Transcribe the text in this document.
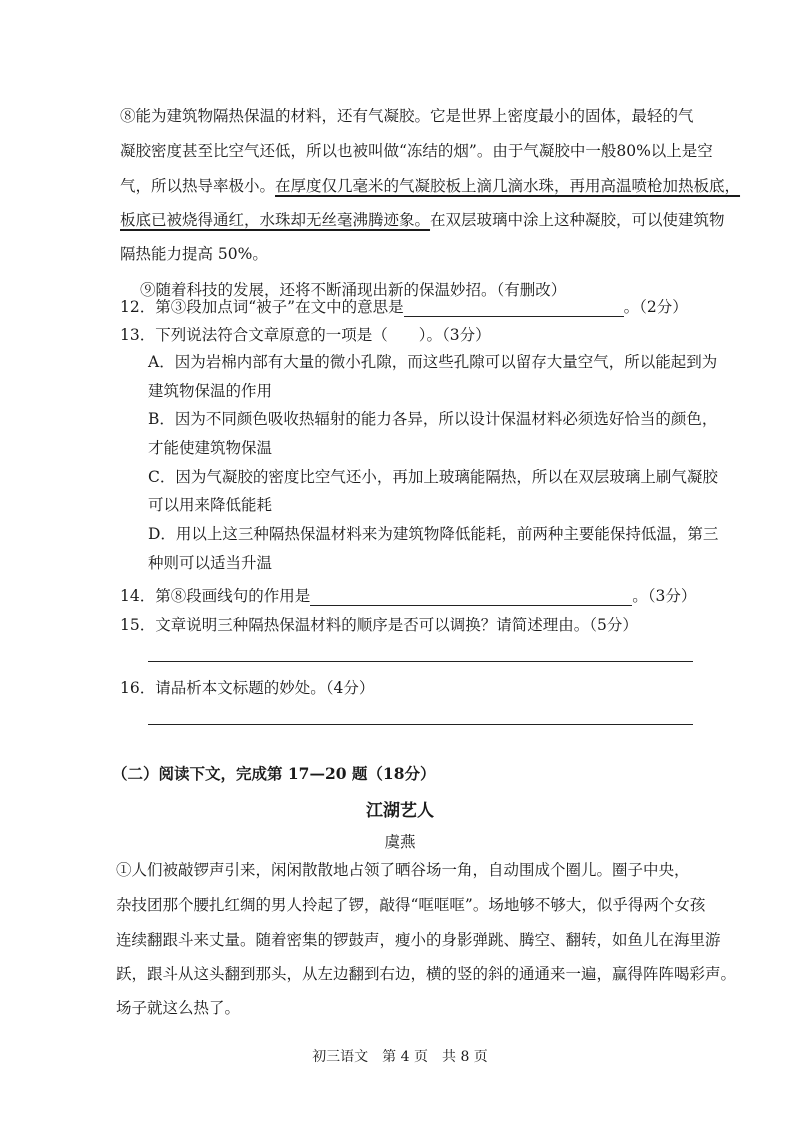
⑧能为建筑物隔热保温的材料，还有气凝胶。它是世界上密度最小的固体，最轻的气
凝胶密度甚至比空气还低，所以也被叫做“冻结的烟”。由于气凝胶中一般80%以上是空
气，所以热导率极小。在厚度仅几毫米的气凝胶板上滴几滴水珠，再用高温喷枪加热板底，
板底已被烧得通红，水珠却无丝毫沸腾迹象。在双层玻璃中涂上这种凝胶，可以使建筑物
隔热能力提高 50%。
⑨随着科技的发展，还将不断涌现出新的保温妙招。（有删改）
12．第③段加点词“被子”在文中的意思是	。（2分）
13．下列说法符合文章原意的一项是（　　）。（3分）
A．因为岩棉内部有大量的微小孔隙，而这些孔隙可以留存大量空气，所以能起到为
建筑物保温的作用
B．因为不同颜色吸收热辐射的能力各异，所以设计保温材料必须选好恰当的颜色，
才能使建筑物保温
C．因为气凝胶的密度比空气还小，再加上玻璃能隔热，所以在双层玻璃上刷气凝胶
可以用来降低能耗
D．用以上这三种隔热保温材料来为建筑物降低能耗，前两种主要能保持低温，第三
种则可以适当升温
14．第⑧段画线句的作用是	。（3分）
15．文章说明三种隔热保温材料的顺序是否可以调换？请简述理由。（5分）
16．请品析本文标题的妙处。（4分）
（二）阅读下文，完成第 17—20 题（18分）
江湖艺人
虞燕
①人们被敲锣声引来，闲闲散散地占领了晒谷场一角，自动围成个圈儿。圈子中央，
杂技团那个腰扎红绸的男人拎起了锣，敲得“哐哐哐”。场地够不够大，似乎得两个女孩
连续翻跟斗来丈量。随着密集的锣鼓声，瘦小的身影弹跳、腾空、翻转，如鱼儿在海里游
跃，跟斗从这头翻到那头，从左边翻到右边，横的竖的斜的通通来一遍，赢得阵阵喝彩声。
场子就这么热了。
初三语文　第 4 页　共 8 页
